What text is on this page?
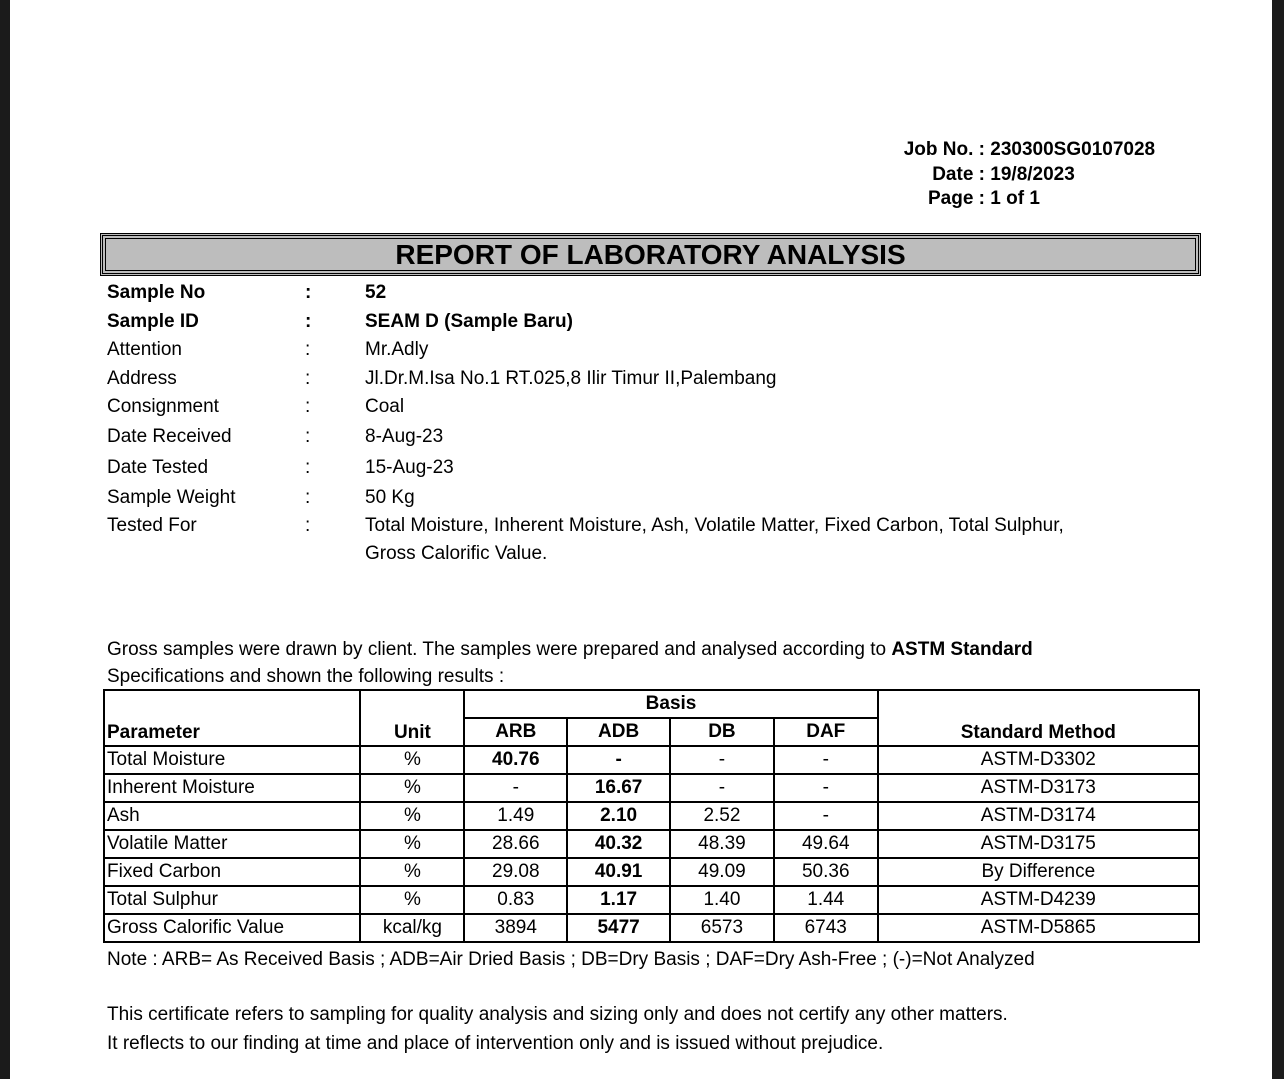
Job No. :
230300SG0107028
Date :
19/8/2023
Page :
1 of 1
REPORT OF LABORATORY ANALYSIS
Sample No	:	52
Sample ID	:	SEAM D (Sample Baru)
Attention	:	Mr.Adly
Address	:	Jl.Dr.M.Isa No.1 RT.025,8 Ilir Timur II,Palembang
Consignment	:	Coal
Date Received	:	8-Aug-23
Date Tested	:	15-Aug-23
Sample Weight	:	50 Kg
Tested For	:	Total Moisture, Inherent Moisture, Ash, Volatile Matter, Fixed Carbon, Total Sulphur,
Gross Calorific Value.
Gross samples were drawn by client. The samples were prepared and analysed according to ASTM Standard
Specifications and shown the following results :
Parameter	Unit	Basis				Standard Method
		ARB	ADB	DB	DAF	
Total Moisture	%	40.76	-	-	-	ASTM-D3302
Inherent Moisture	%	-	16.67	-	-	ASTM-D3173
Ash	%	1.49	2.10	2.52	-	ASTM-D3174
Volatile Matter	%	28.66	40.32	48.39	49.64	ASTM-D3175
Fixed Carbon	%	29.08	40.91	49.09	50.36	By Difference
Total Sulphur	%	0.83	1.17	1.40	1.44	ASTM-D4239
Gross Calorific Value	kcal/kg	3894	5477	6573	6743	ASTM-D5865
Note : ARB= As Received Basis ; ADB=Air Dried Basis ; DB=Dry Basis ; DAF=Dry Ash-Free ; (-)=Not Analyzed
This certificate refers to sampling for quality analysis and sizing only and does not certify any other matters.
It reflects to our finding at time and place of intervention only and is issued without prejudice.
